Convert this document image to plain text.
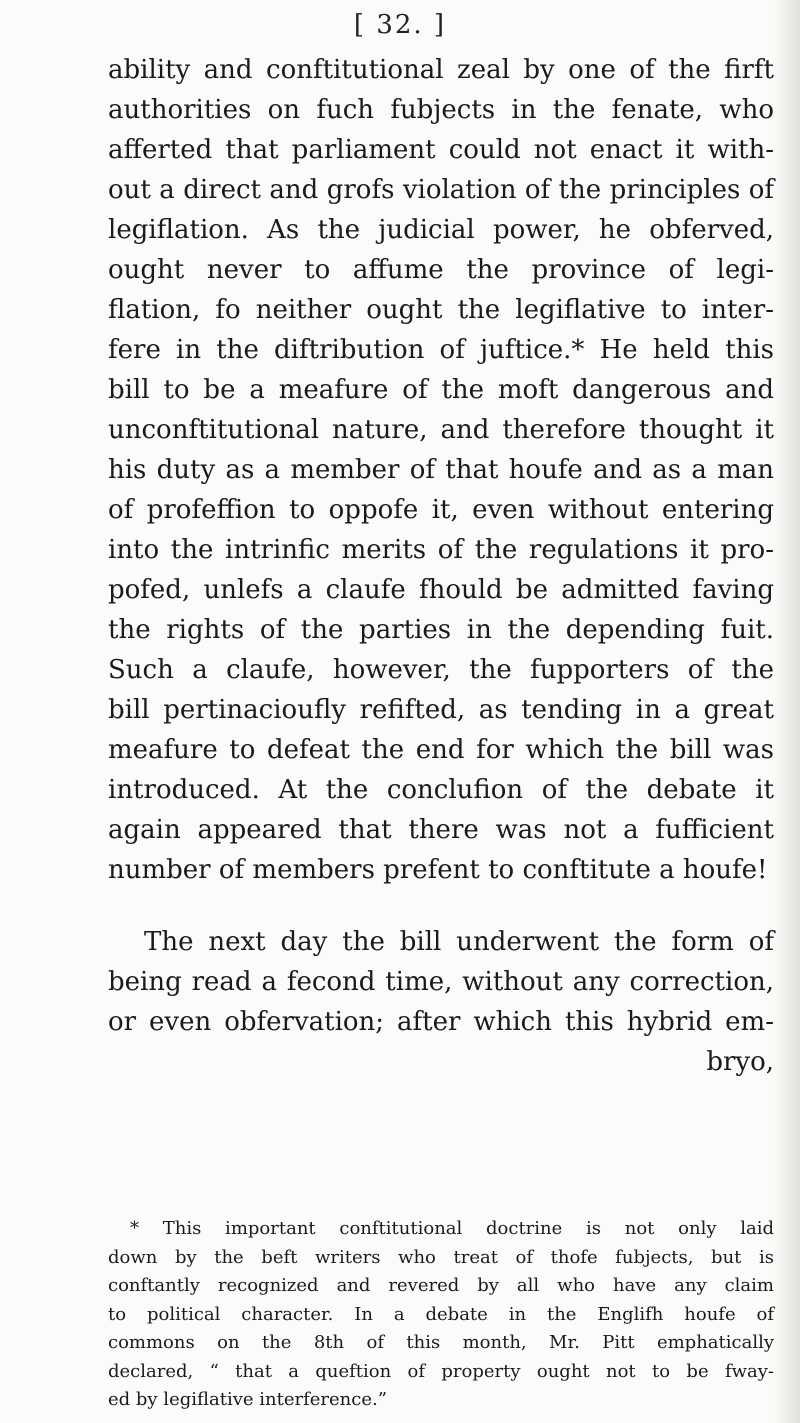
[ 32. ]
ability and conftitutional zeal by one of the firft
authorities on fuch fubjects in the fenate, who
afferted that parliament could not enact it with-
out a direct and grofs violation of the principles of
legiflation. As the judicial power, he obferved,
ought never to affume the province of legi-
flation, fo neither ought the legiflative to inter-
fere in the diftribution of juftice.* He held this
bill to be a meafure of the moft dangerous and
unconftitutional nature, and therefore thought it
his duty as a member of that houfe and as a man
of profeffion to oppofe it, even without entering
into the intrinfic merits of the regulations it pro-
pofed, unlefs a claufe fhould be admitted faving
the rights of the parties in the depending fuit.
Such a claufe, however, the fupporters of the
bill pertinacioufly refifted, as tending in a great
meafure to defeat the end for which the bill was
introduced. At the conclufion of the debate it
again appeared that there was not a fufficient
number of members prefent to conftitute a houfe!
The next day the bill underwent the form of
being read a fecond time, without any correction,
or even obfervation; after which this hybrid em-
bryo,
* This important conftitutional doctrine is not only laid
down by the beft writers who treat of thofe fubjects, but is
conftantly recognized and revered by all who have any claim
to political character. In a debate in the Englifh houfe of
commons on the 8th of this month, Mr. Pitt emphatically
declared, “ that a queftion of property ought not to be fway-
ed by legiflative interference.”
